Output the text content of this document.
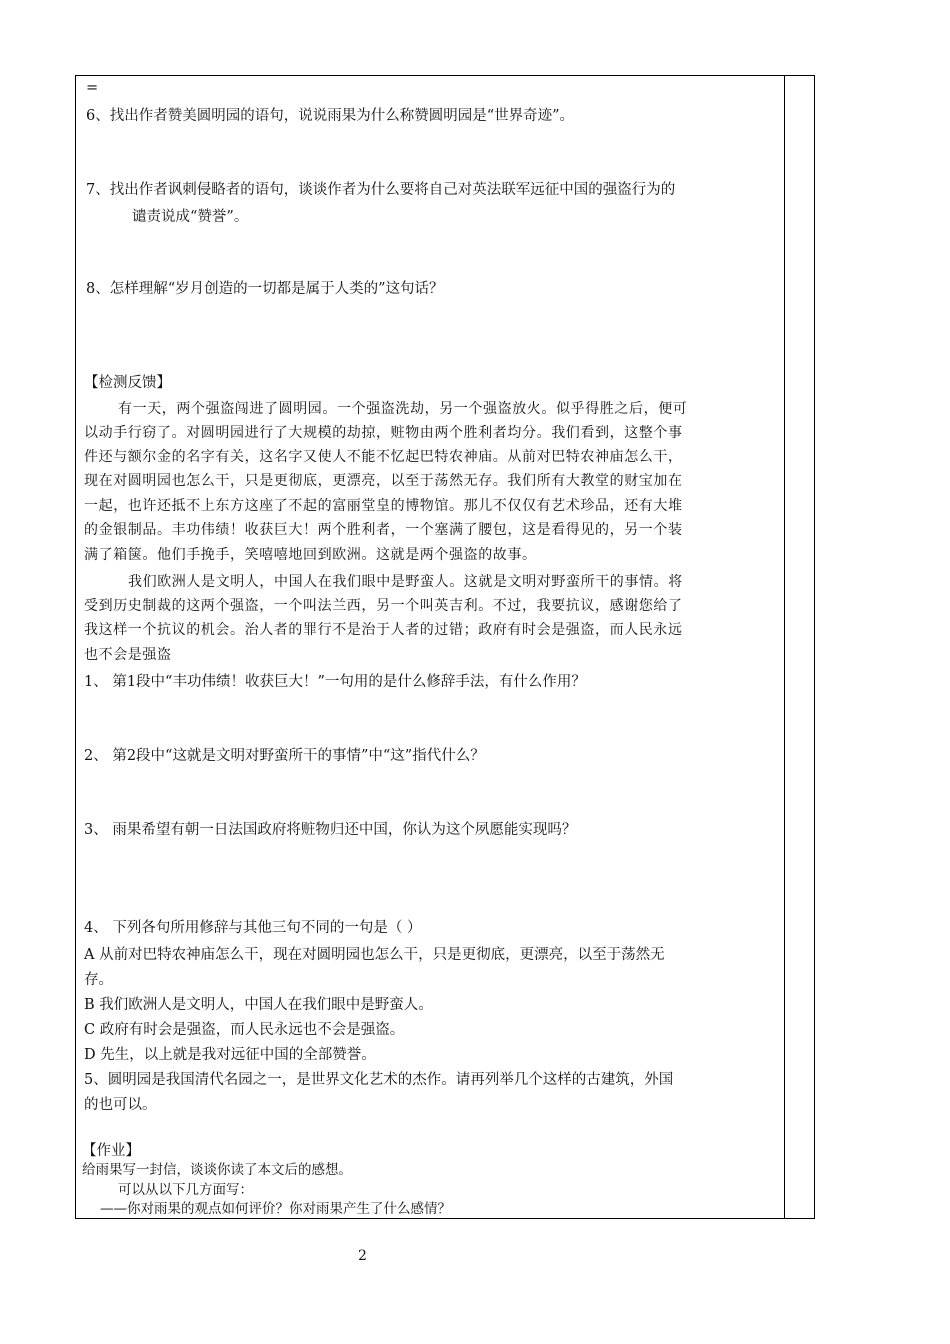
=
6、找出作者赞美圆明园的语句，说说雨果为什么称赞圆明园是“世界奇迹”。
7、找出作者讽刺侵略者的语句，谈谈作者为什么要将自己对英法联军远征中国的强盗行为的
谴责说成“赞誉”。
8、怎样理解“岁月创造的一切都是属于人类的”这句话？
【检测反馈】
有一天，两个强盗闯进了圆明园。一个强盗洗劫，另一个强盗放火。似乎得胜之后，便可
以动手行窃了。对圆明园进行了大规模的劫掠，赃物由两个胜利者均分。我们看到，这整个事
件还与额尔金的名字有关，这名字又使人不能不忆起巴特农神庙。从前对巴特农神庙怎么干，
现在对圆明园也怎么干，只是更彻底，更漂亮，以至于荡然无存。我们所有大教堂的财宝加在
一起，也许还抵不上东方这座了不起的富丽堂皇的博物馆。那儿不仅仅有艺术珍品，还有大堆
的金银制品。丰功伟绩！收获巨大！两个胜利者，一个塞满了腰包，这是看得见的，另一个装
满了箱箧。他们手挽手，笑嘻嘻地回到欧洲。这就是两个强盗的故事。
我们欧洲人是文明人，中国人在我们眼中是野蛮人。这就是文明对野蛮所干的事情。将
受到历史制裁的这两个强盗，一个叫法兰西，另一个叫英吉利。不过，我要抗议，感谢您给了
我这样一个抗议的机会。治人者的罪行不是治于人者的过错；政府有时会是强盗，而人民永远
也不会是强盗
1、 第1段中“丰功伟绩！收获巨大！”一句用的是什么修辞手法，有什么作用？
2、 第2段中“这就是文明对野蛮所干的事情”中“这”指代什么？
3、 雨果希望有朝一日法国政府将赃物归还中国，你认为这个夙愿能实现吗？
4、 下列各句所用修辞与其他三句不同的一句是（ ）
A 从前对巴特农神庙怎么干，现在对圆明园也怎么干，只是更彻底，更漂亮，以至于荡然无
存。
B 我们欧洲人是文明人，中国人在我们眼中是野蛮人。
C 政府有时会是强盗，而人民永远也不会是强盗。
D 先生，以上就是我对远征中国的全部赞誉。
5、圆明园是我国清代名园之一，是世界文化艺术的杰作。请再列举几个这样的古建筑，外国
的也可以。
【作业】
给雨果写一封信，谈谈你读了本文后的感想。
可以从以下几方面写：
——你对雨果的观点如何评价？你对雨果产生了什么感情？
2
